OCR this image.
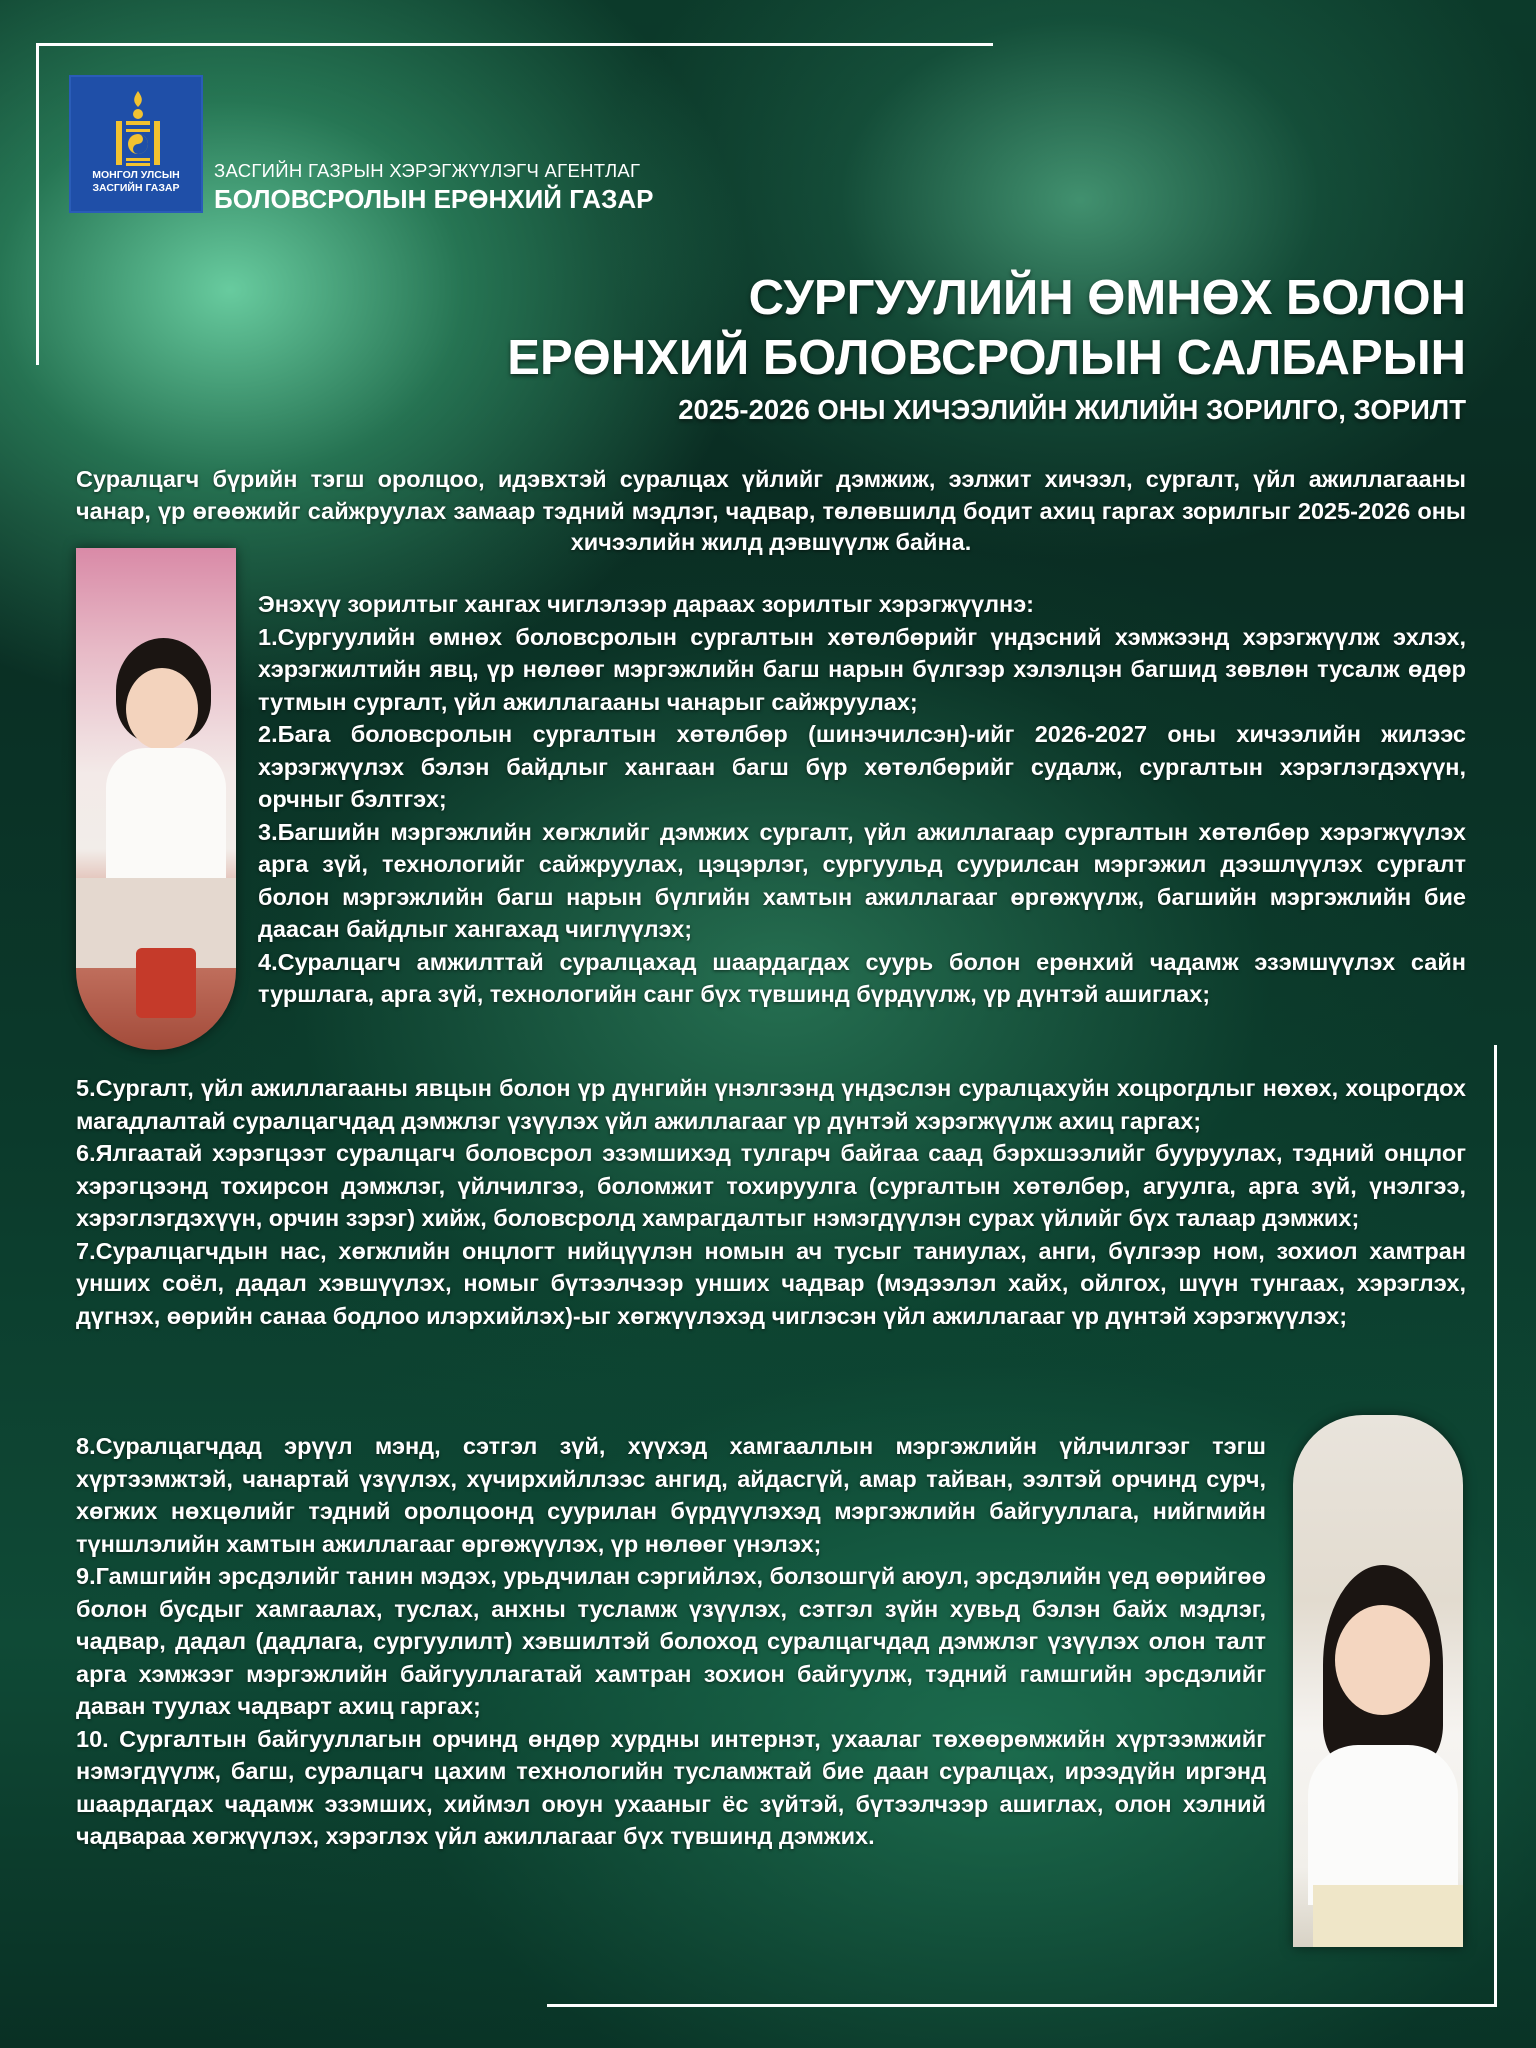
МОНГОЛ УЛСЫН
ЗАСГИЙН ГАЗАР
ЗАСГИЙН ГАЗРЫН ХЭРЭГЖҮҮЛЭГЧ АГЕНТЛАГ
БОЛОВСРОЛЫН ЕРӨНХИЙ ГАЗАР
СУРГУУЛИЙН ӨМНӨХ БОЛОН
ЕРӨНХИЙ БОЛОВСРОЛЫН САЛБАРЫН
2025-2026 ОНЫ ХИЧЭЭЛИЙН ЖИЛИЙН ЗОРИЛГО, ЗОРИЛТ
Суралцагч бүрийн тэгш оролцоо, идэвхтэй суралцах үйлийг дэмжиж, ээлжит хичээл, сургалт, үйл ажиллагааны чанар, үр өгөөжийг сайжруулах замаар тэдний мэдлэг, чадвар, төлөвшилд бодит ахиц гаргах зорилгыг 2025-2026 оны хичээлийн жилд дэвшүүлж байна.

Энэхүү зорилтыг хангах чиглэлээр дараах зорилтыг хэрэгжүүлнэ:

1.Сургуулийн өмнөх боловсролын сургалтын хөтөлбөрийг үндэсний хэмжээнд хэрэгжүүлж эхлэх, хэрэгжилтийн явц, үр нөлөөг мэргэжлийн багш нарын бүлгээр хэлэлцэн багшид зөвлөн тусалж өдөр тутмын сургалт, үйл ажиллагааны чанарыг сайжруулах;

2.Бага боловсролын сургалтын хөтөлбөр (шинэчилсэн)-ийг 2026-2027 оны хичээлийн жилээс хэрэгжүүлэх бэлэн байдлыг хангаан багш бүр хөтөлбөрийг судалж, сургалтын хэрэглэгдэхүүн, орчныг бэлтгэх;

3.Багшийн мэргэжлийн хөгжлийг дэмжих сургалт, үйл ажиллагаар сургалтын хөтөлбөр хэрэгжүүлэх арга зүй, технологийг сайжруулах, цэцэрлэг, сургуульд суурилсан мэргэжил дээшлүүлэх сургалт болон мэргэжлийн багш нарын бүлгийн хамтын ажиллагааг өргөжүүлж, багшийн мэргэжлийн бие даасан байдлыг хангахад чиглүүлэх;

4.Суралцагч амжилттай суралцахад шаардагдах суурь болон ерөнхий чадамж эзэмшүүлэх сайн туршлага, арга зүй, технологийн санг бүх түвшинд бүрдүүлж, үр дүнтэй ашиглах;

5.Сургалт, үйл ажиллагааны явцын болон үр дүнгийн үнэлгээнд үндэслэн суралцахуйн хоцрогдлыг нөхөх, хоцрогдох магадлалтай суралцагчдад дэмжлэг үзүүлэх үйл ажиллагааг үр дүнтэй хэрэгжүүлж ахиц гаргах;

6.Ялгаатай хэрэгцээт суралцагч боловсрол эзэмшихэд тулгарч байгаа саад бэрхшээлийг бууруулах, тэдний онцлог хэрэгцээнд тохирсон дэмжлэг, үйлчилгээ, боломжит тохируулга (сургалтын хөтөлбөр, агуулга, арга зүй, үнэлгээ, хэрэглэгдэхүүн, орчин зэрэг) хийж, боловсролд хамрагдалтыг нэмэгдүүлэн сурах үйлийг бүх талаар дэмжих;

7.Суралцагчдын нас, хөгжлийн онцлогт нийцүүлэн номын ач тусыг таниулах, анги, бүлгээр ном, зохиол хамтран унших соёл, дадал хэвшүүлэх, номыг бүтээлчээр унших чадвар (мэдээлэл хайх, ойлгох, шүүн тунгаах, хэрэглэх, дүгнэх, өөрийн санаа бодлоо илэрхийлэх)-ыг хөгжүүлэхэд чиглэсэн үйл ажиллагааг үр дүнтэй хэрэгжүүлэх;

8.Суралцагчдад эрүүл мэнд, сэтгэл зүй, хүүхэд хамгааллын мэргэжлийн үйлчилгээг тэгш хүртээмжтэй, чанартай үзүүлэх, хүчирхийллээс ангид, айдасгүй, амар тайван, ээлтэй орчинд сурч, хөгжих нөхцөлийг тэдний оролцоонд суурилан бүрдүүлэхэд мэргэжлийн байгууллага, нийгмийн түншлэлийн хамтын ажиллагааг өргөжүүлэх, үр нөлөөг үнэлэх;

9.Гамшгийн эрсдэлийг танин мэдэх, урьдчилан сэргийлэх, болзошгүй аюул, эрсдэлийн үед өөрийгөө болон бусдыг хамгаалах, туслах, анхны тусламж үзүүлэх, сэтгэл зүйн хувьд бэлэн байх мэдлэг, чадвар, дадал (дадлага, сургуулилт) хэвшилтэй болоход суралцагчдад дэмжлэг үзүүлэх олон талт арга хэмжээг мэргэжлийн байгууллагатай хамтран зохион байгуулж, тэдний гамшгийн эрсдэлийг даван туулах чадварт ахиц гаргах;

10. Сургалтын байгууллагын орчинд өндөр хурдны интернэт, ухаалаг төхөөрөмжийн хүртээмжийг нэмэгдүүлж, багш, суралцагч цахим технологийн тусламжтай бие даан суралцах, ирээдүйн иргэнд шаардагдах чадамж эзэмших, хиймэл оюун ухааныг ёс зүйтэй, бүтээлчээр ашиглах, олон хэлний чадвараа хөгжүүлэх, хэрэглэх үйл ажиллагааг бүх түвшинд дэмжих.
